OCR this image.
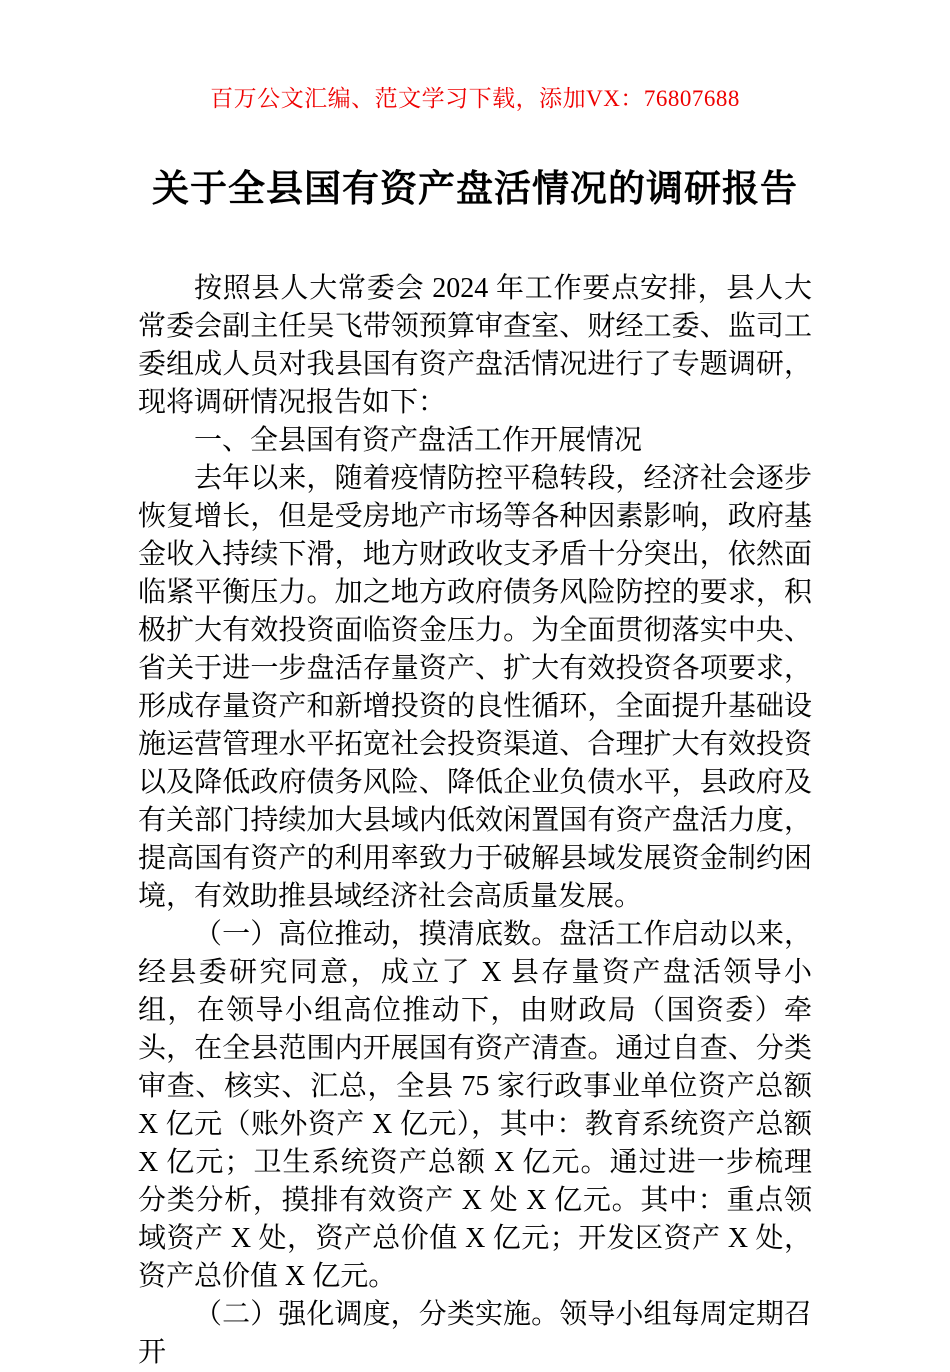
百万公文汇编、范文学习下载，添加VX：76807688
关于全县国有资产盘活情况的调研报告

按照县人大常委会 2024 年工作要点安排，县人大常委会副主任吴飞带领预算审查室、财经工委、监司工委组成人员对我县国有资产盘活情况进行了专题调研，现将调研情况报告如下：

一、全县国有资产盘活工作开展情况

去年以来，随着疫情防控平稳转段，经济社会逐步恢复增长，但是受房地产市场等各种因素影响，政府基金收入持续下滑，地方财政收支矛盾十分突出，依然面临紧平衡压力。加之地方政府债务风险防控的要求，积极扩大有效投资面临资金压力。为全面贯彻落实中央、省关于进一步盘活存量资产、扩大有效投资各项要求，形成存量资产和新增投资的良性循环，全面提升基础设施运营管理水平拓宽社会投资渠道、合理扩大有效投资以及降低政府债务风险、降低企业负债水平，县政府及有关部门持续加大县域内低效闲置国有资产盘活力度，提高国有资产的利用率致力于破解县域发展资金制约困境，有效助推县域经济社会高质量发展。

（一）高位推动，摸清底数。盘活工作启动以来，经县委研究同意，成立了 X 县存量资产盘活领导小组，在领导小组高位推动下，由财政局（国资委）牵头，在全县范围内开展国有资产清查。通过自查、分类审查、核实、汇总，全县 75 家行政事业单位资产总额 X 亿元（账外资产 X 亿元），其中：教育系统资产总额 X 亿元；卫生系统资产总额 X 亿元。通过进一步梳理分类分析，摸排有效资产 X 处 X 亿元。其中：重点领域资产 X 处，资产总价值 X 亿元；开发区资产 X 处，资产总价值 X 亿元。

（二）强化调度，分类实施。领导小组每周定期召开
